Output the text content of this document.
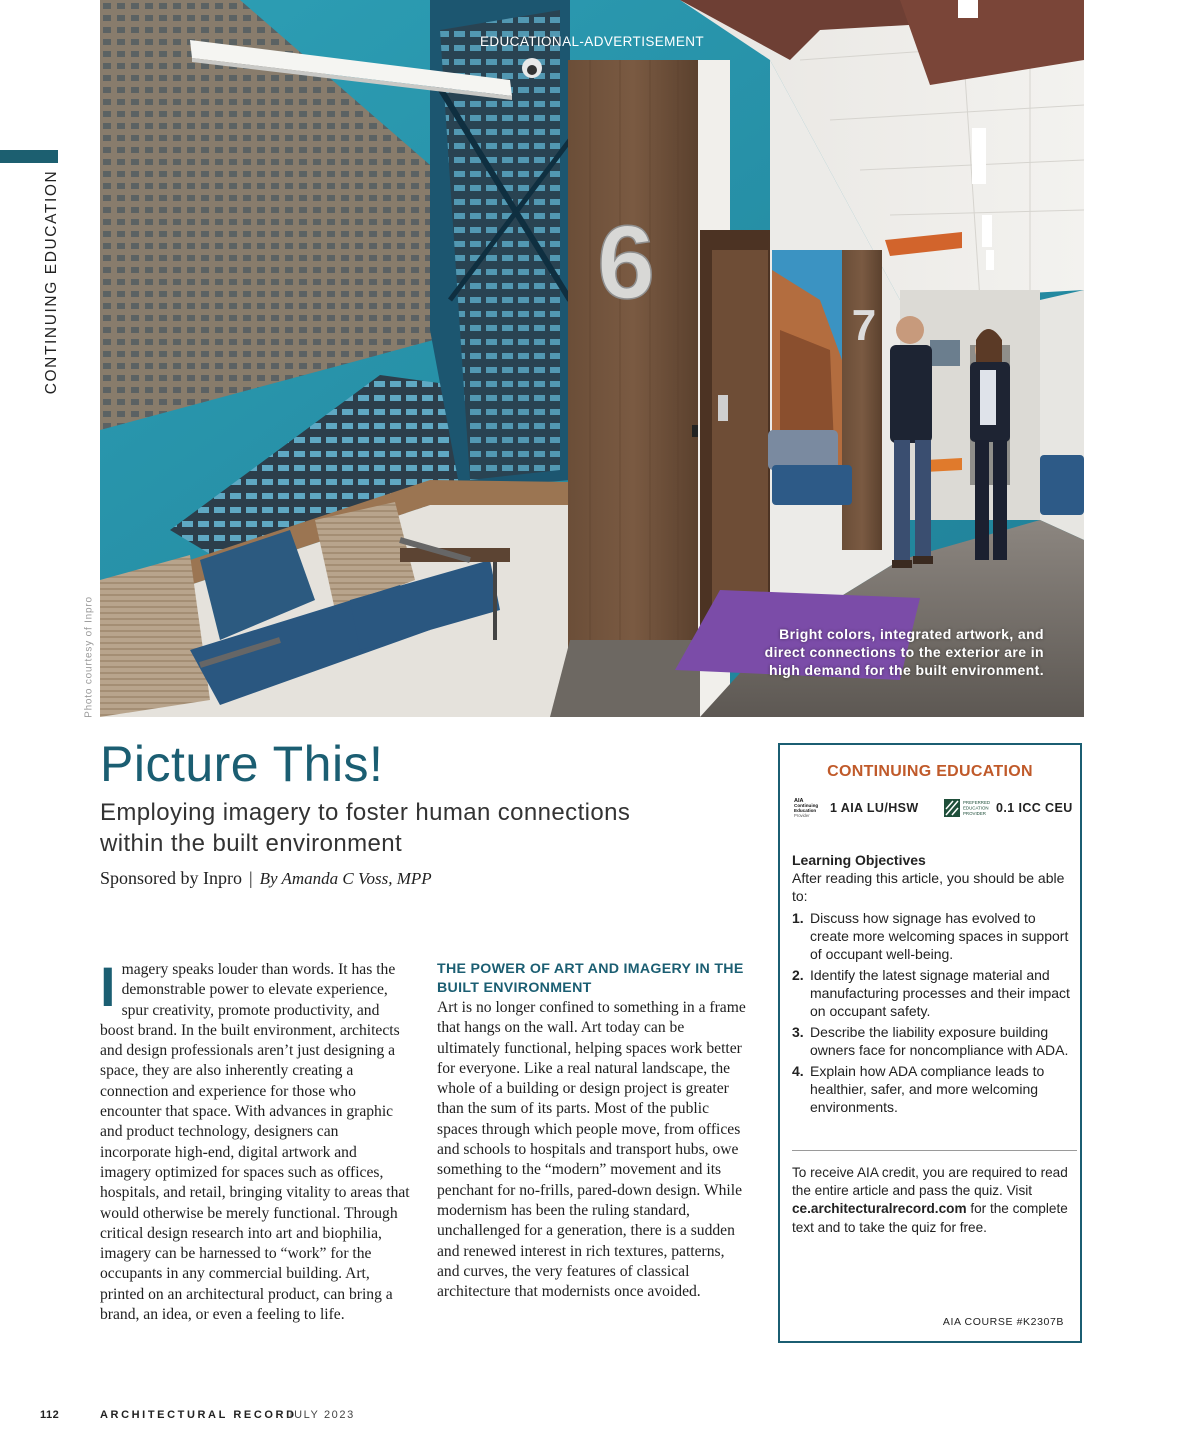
CONTINUING EDUCATION
Photo courtesy of Inpro
6
7
EDUCATIONAL-ADVERTISEMENT
Bright colors, integrated artwork, and direct connections to the exterior are in high demand for the built environment.
Picture This!
Employing imagery to foster human connections within the built environment
Sponsored by Inpro | By Amanda C Voss, MPP
I magery speaks louder than words. It has the demonstrable power to elevate experience, spur creativity, promote productivity, and boost brand. In the built environment, architects and design professionals aren’t just designing a space, they are also inherently creating a connection and experience for those who encounter that space. With advances in graphic and product technology, designers can incorporate high-end, digital artwork and imagery optimized for spaces such as offices, hospitals, and retail, bringing vitality to areas that would otherwise be merely functional. Through critical design research into art and biophilia, imagery can be harnessed to “work” for the occupants in any commercial building. Art, printed on an architectural product, can bring a brand, an idea, or even a feeling to life.

THE POWER OF ART AND IMAGERY IN THE BUILT ENVIRONMENT

Art is no longer confined to something in a frame that hangs on the wall. Art today can be ultimately functional, helping spaces work better for everyone. Like a real natural landscape, the whole of a building or design project is greater than the sum of its parts. Most of the public spaces through which people move, from offices and schools to hospitals and transport hubs, owe something to the “modern” movement and its penchant for no-frills, pared-down design. While modernism has been the ruling standard, unchallenged for a generation, there is a sudden and renewed interest in rich textures, patterns, and curves, the very features of classical architecture that modernists once avoided.

CONTINUING EDUCATION
AIA
Continuing
Education
Provider
1 AIA LU/HSW	PREFERRED
EDUCATION
PROVIDER 0.1 ICC CEU
Learning Objectives
After reading this article, you should be able to:
1. Discuss how signage has evolved to create more welcoming spaces in support of occupant well-being.
2. Identify the latest signage material and manufacturing processes and their impact on occupant safety.
3. Describe the liability exposure building owners face for noncompliance with ADA.
4. Explain how ADA compliance leads to healthier, safer, and more welcoming environments.
To receive AIA credit, you are required to read the entire article and pass the quiz. Visit ce.architecturalrecord.com for the complete text and to take the quiz for free.
AIA COURSE #K2307B
112	ARCHITECTURAL RECORD
JULY 2023
